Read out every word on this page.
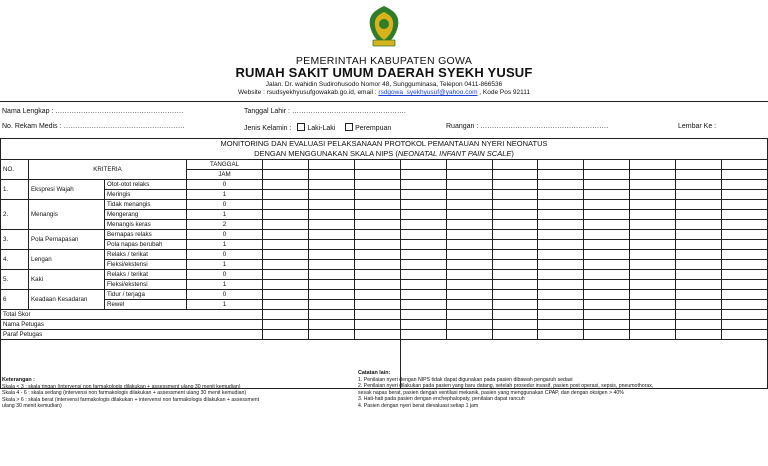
PEMERINTAH KABUPATEN GOWA
RUMAH SAKIT UMUM DAERAH SYEKH YUSUF
Jalan. Dr. wahidin Sudirohusodo Nomor 48, Sungguminasa, Telepon 0411-866536
Website : rsudsyekhyusufgowakab.go.id, email : rsdgowa_syekhyusuf@yahoo.com , Kode Pos 92111
Nama Lengkap : ……………………………………………….	Tanggal Lahir : ………………………………………….
No. Rekam Medis : …………………………………………….	Jenis Kelamin : Laki-Laki	Perempuan	Ruangan : ……………………………………………….	Lembar Ke :
MONITORING DAN EVALUASI PELAKSANAAN PROTOKOL PEMANTAUAN NYERI NEONATUS
DENGAN MENGGUNAKAN SKALA NIPS (NEONATAL INFANT PAIN SCALE)														

NO.	KRITERIA		TANGGAL											
			JAM											
1.	Ekspresi Wajah	Otot-otot relaks	0											
		Meringis	1											
2.	Menangis	Tidak menangis	0											
		Mengerang	1											
		Menangis keras	2											
3.	Pola Pernapasan	Bernapas relaks	0											
		Pola napas berubah	1											
4.	Lengan	Relaks / terikat	0											
		Fleksi/ekstensi	1											
5.	Kaki	Relaks / terikat	0											
		Fleksi/ekstensi	1											
6	Keadaan Kesadaran	Tidur / terjaga	0											
		Rewel	1											
Total Skor														
Nama Petugas														
Paraf Petugas														

Keterangan :
Skala < 3 : skala ringan (intervensi non farmakologis dilakukan + assessment ulang 30 menit kemudian)
Skala 4 - 6 : skala sedang (intervensi non farmakologis dilakukan + assessment ulang 30 menit kemudian)
Skala > 6 : skala berat (intervensi farmakologis dilakukan + intervensi non farmakologis dilakukan + assessment
ulang 30 menit kemudian)
Catatan lain:
1. Penilaian nyeri dengan NIPS tidak dapat digunakan pada pasien dibawah pengaruh sedasi
2. Penilaian nyeri dilakukan pada pasien yang baru datang, setelah prosedur invasif, pasien post operasi, sepsis, pneumothorax,
sesak napas berat, pasien dengan ventilasi mekanik, pasien yang menggunakan CPAP, dan dengan oksigen > 40%
3. Hati-hati pada pasien dengan enchephalopaty, penilaian dapat rancuh
4. Pasien dengan nyeri berat dievaluasi setiap 1 jam
